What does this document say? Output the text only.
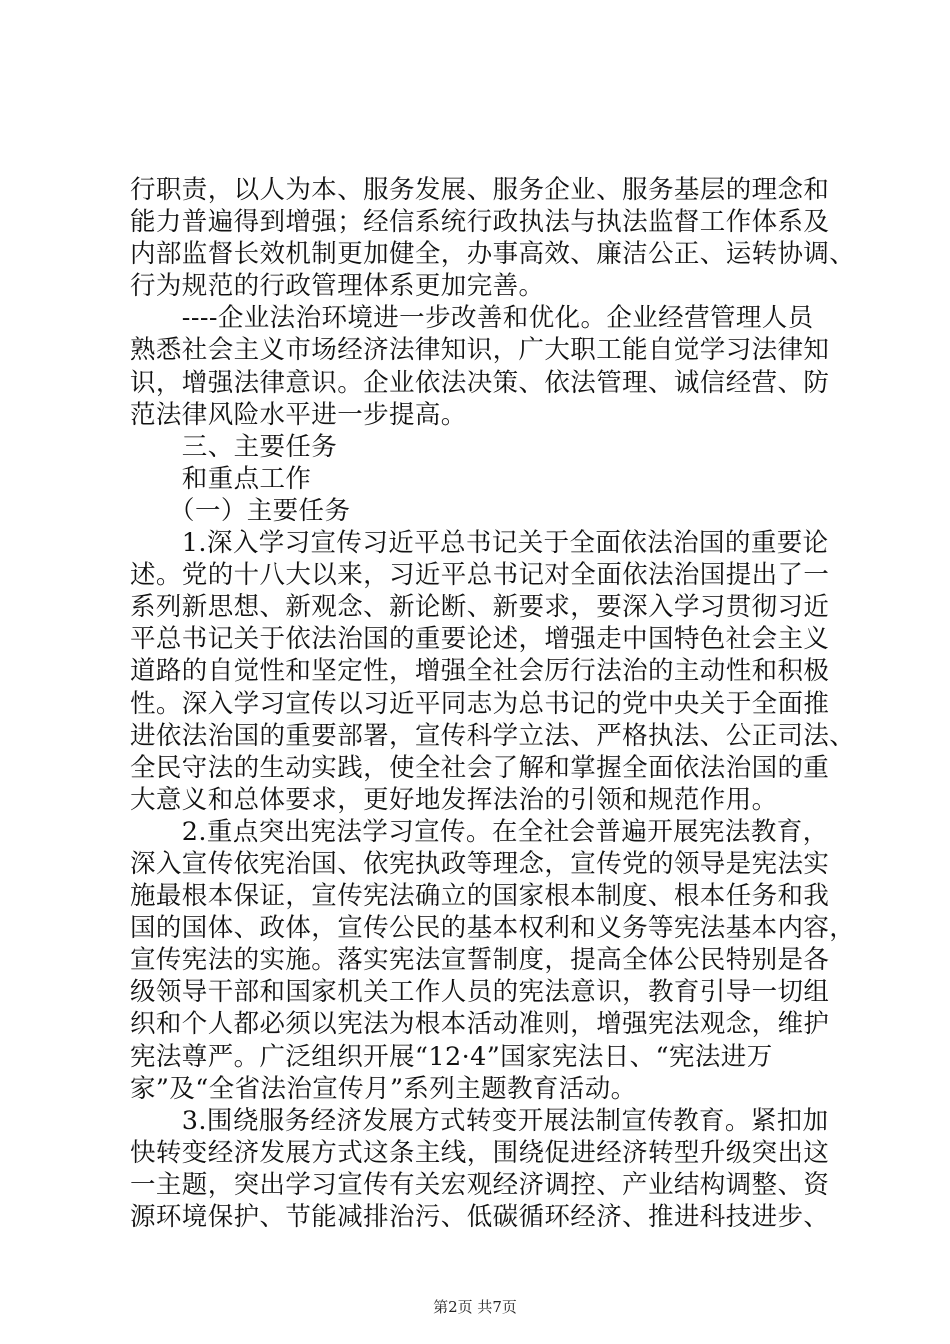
行职责，以人为本、服务发展、服务企业、服务基层的理念和
能力普遍得到增强；经信系统行政执法与执法监督工作体系及
内部监督长效机制更加健全，办事高效、廉洁公正、运转协调、
行为规范的行政管理体系更加完善。
　　----企业法治环境进一步改善和优化。企业经营管理人员
熟悉社会主义市场经济法律知识，广大职工能自觉学习法律知
识，增强法律意识。企业依法决策、依法管理、诚信经营、防
范法律风险水平进一步提高。
　　三、主要任务
　　和重点工作
　　（一）主要任务
　　1.深入学习宣传习近平总书记关于全面依法治国的重要论
述。党的十八大以来，习近平总书记对全面依法治国提出了一
系列新思想、新观念、新论断、新要求，要深入学习贯彻习近
平总书记关于依法治国的重要论述，增强走中国特色社会主义
道路的自觉性和坚定性，增强全社会厉行法治的主动性和积极
性。深入学习宣传以习近平同志为总书记的党中央关于全面推
进依法治国的重要部署，宣传科学立法、严格执法、公正司法、
全民守法的生动实践，使全社会了解和掌握全面依法治国的重
大意义和总体要求，更好地发挥法治的引领和规范作用。
　　2.重点突出宪法学习宣传。在全社会普遍开展宪法教育，
深入宣传依宪治国、依宪执政等理念，宣传党的领导是宪法实
施最根本保证，宣传宪法确立的国家根本制度、根本任务和我
国的国体、政体，宣传公民的基本权利和义务等宪法基本内容，
宣传宪法的实施。落实宪法宣誓制度，提高全体公民特别是各
级领导干部和国家机关工作人员的宪法意识，教育引导一切组
织和个人都必须以宪法为根本活动准则，增强宪法观念，维护
宪法尊严。广泛组织开展“12·4”国家宪法日、“宪法进万
家”及“全省法治宣传月”系列主题教育活动。
　　3.围绕服务经济发展方式转变开展法制宣传教育。紧扣加
快转变经济发展方式这条主线，围绕促进经济转型升级突出这
一主题，突出学习宣传有关宏观经济调控、产业结构调整、资
源环境保护、节能减排治污、低碳循环经济、推进科技进步、
第2页 共7页
